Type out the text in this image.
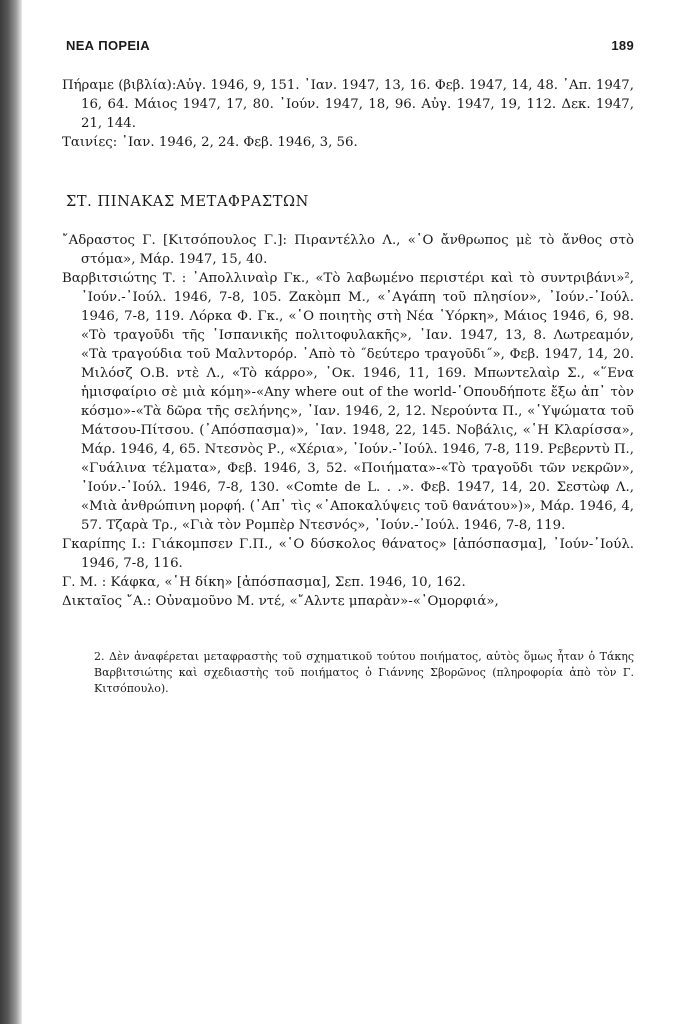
ΝΕΑ ΠΟΡΕΙΑ	189

Πήραμε (βιβλία):Αὐγ. 1946, 9, 151. ᾿Ιαν. 1947, 13, 16. Φεβ. 1947, 14, 48. ᾿Απ. 1947, 16, 64. Μάιος 1947, 17, 80. ᾿Ιούν. 1947, 18, 96. Αὐγ. 1947, 19, 112. Δεκ. 1947, 21, 144.

Ταινίες: ᾿Ιαν. 1946, 2, 24. Φεβ. 1946, 3, 56.

ΣΤ. ΠΙΝΑΚΑΣ ΜΕΤΑΦΡΑΣΤΩΝ

῎Αδραστος Γ. [Κιτσόπουλος Γ.]: Πιραντέλλο Λ., «῾Ο ἄνθρωπος μὲ τὸ ἄνθος στὸ στόμα», Μάρ. 1947, 15, 40.

Βαρβιτσιώτης Τ. : ᾿Απολλιναὶρ Γκ., «Τὸ λαβωμένο περιστέρι καὶ τὸ συντριβάνι»², ᾿Ιούν.-᾿Ιούλ. 1946, 7-8, 105. Ζακὸμπ Μ., «᾿Αγάπη τοῦ πλησίον», ᾿Ιούν.-᾿Ιούλ. 1946, 7-8, 119. Λόρκα Φ. Γκ., «῾Ο ποιητὴς στὴ Νέα ῾Υόρκη», Μάιος 1946, 6, 98. «Τὸ τραγοῦδι τῆς ῾Ισπανικῆς πολιτοφυλακῆς», ᾿Ιαν. 1947, 13, 8. Λωτρεαμόν, «Τὰ τραγούδια τοῦ Μαλντορόρ. ᾿Απὸ τὸ ˝δεύτερο τραγοῦδι˝», Φεβ. 1947, 14, 20. Μιλόσζ Ο.Β. ντὲ Λ., «Τὸ κάρρο», ᾿Οκ. 1946, 11, 169. Μπωντελαὶρ Σ., «῞Ενα ἡμισφαίριο σὲ μιὰ κόμη»-«Any where out of the world-῾Οπουδήποτε ἔξω ἀπ᾿ τὸν κόσμο»-«Τὰ δῶρα τῆς σελήνης», ᾿Ιαν. 1946, 2, 12. Νερούντα Π., «῾Υψώματα τοῦ Μάτσου-Πίτσου. (᾿Απόσπασμα)», ᾿Ιαν. 1948, 22, 145. Νοβάλις, «῾Η Κλαρίσσα», Μάρ. 1946, 4, 65. Ντεσνὸς Ρ., «Χέρια», ᾿Ιούν.-᾿Ιούλ. 1946, 7-8, 119. Ρεβερντὺ Π., «Γυάλινα τέλματα», Φεβ. 1946, 3, 52. «Ποιήματα»-«Τὸ τραγοῦδι τῶν νεκρῶν», ᾿Ιούν.-᾿Ιούλ. 1946, 7-8, 130. «Comte de L. . .». Φεβ. 1947, 14, 20. Σεστὼφ Λ., «Μιὰ ἀνθρώπινη μορφή. (᾿Απ᾿ τὶς «᾿Αποκαλύψεις τοῦ θανάτου»)», Μάρ. 1946, 4, 57. Τζαρὰ Τρ., «Γιὰ τὸν Ρομπὲρ Ντεσνός», ᾿Ιούν.-᾿Ιούλ. 1946, 7-8, 119.

Γκαρίπης Ι.: Γιάκομπσεν Γ.Π., «῾Ο δύσκολος θάνατος» [ἀπόσπασμα], ᾿Ιούν-᾿Ιούλ. 1946, 7-8, 116.

Γ. Μ. : Κάφκα, «῾Η δίκη» [ἀπόσπασμα], Σεπ. 1946, 10, 162.

Δικταῖος ῎Α.: Οὐναμοῦνο Μ. ντέ, «῎Αλντε μπαρὰν»-«᾿Ομορφιά»,

2. Δὲν ἀναφέρεται μεταφραστὴς τοῦ σχηματικοῦ τούτου ποιήματος, αὐτὸς ὅμως ἦταν ὁ Τάκης Βαρβιτσιώτης καὶ σχεδιαστὴς τοῦ ποιήματος ὁ Γιάννης Σβορῶνος (πληροφορία ἀπὸ τὸν Γ. Κιτσόπουλο).
